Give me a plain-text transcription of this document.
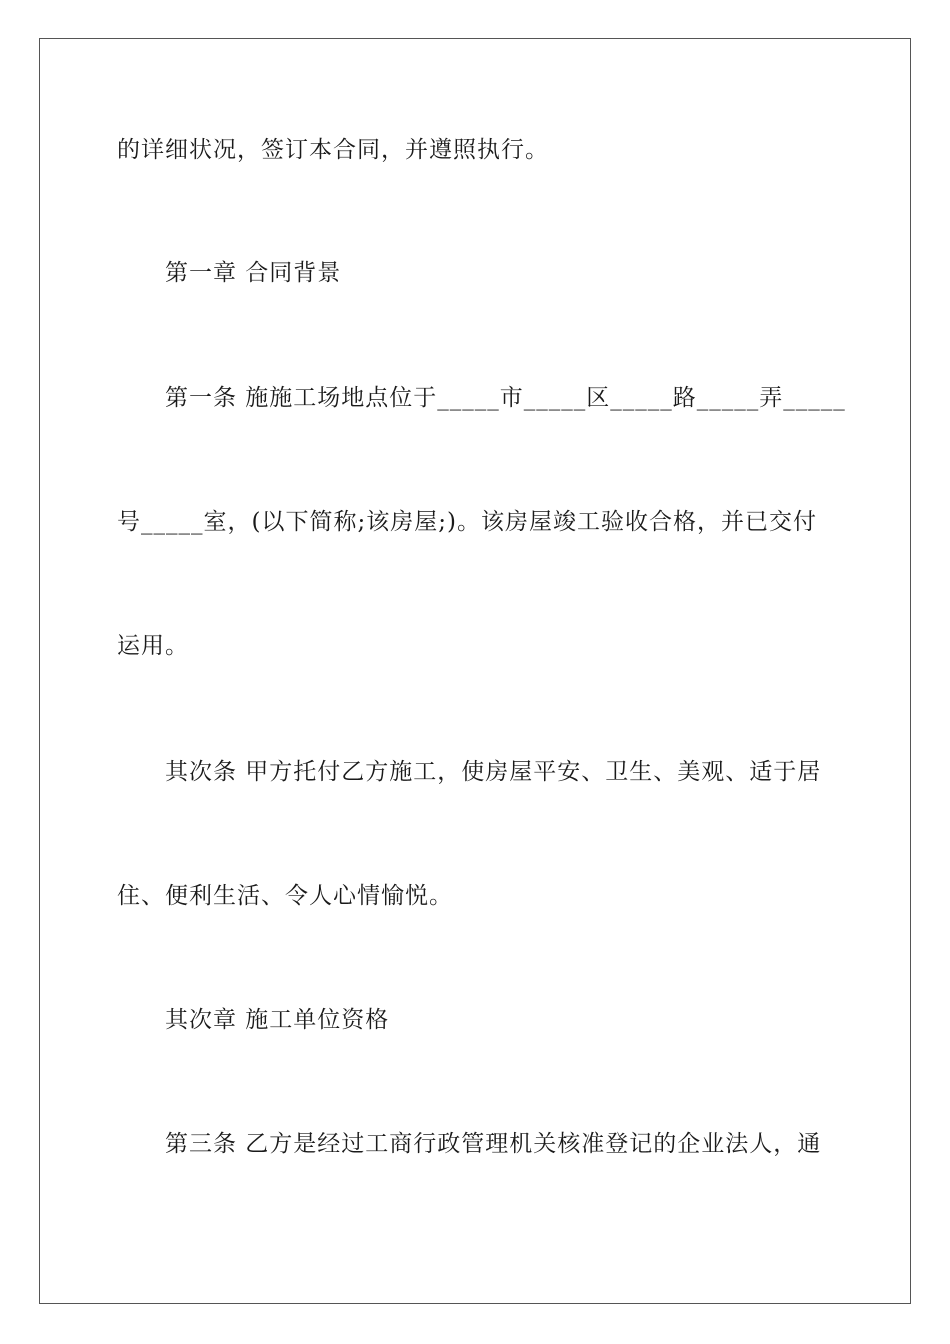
的详细状况，签订本合同，并遵照执行。
第一章 合同背景
第一条 施施工场地点位于_____市_____区_____路_____弄_____
号_____室，(以下简称;该房屋;)。该房屋竣工验收合格，并已交付
运用。
其次条 甲方托付乙方施工，使房屋平安、卫生、美观、适于居
住、便利生活、令人心情愉悦。
其次章 施工单位资格
第三条 乙方是经过工商行政管理机关核准登记的企业法人，通
